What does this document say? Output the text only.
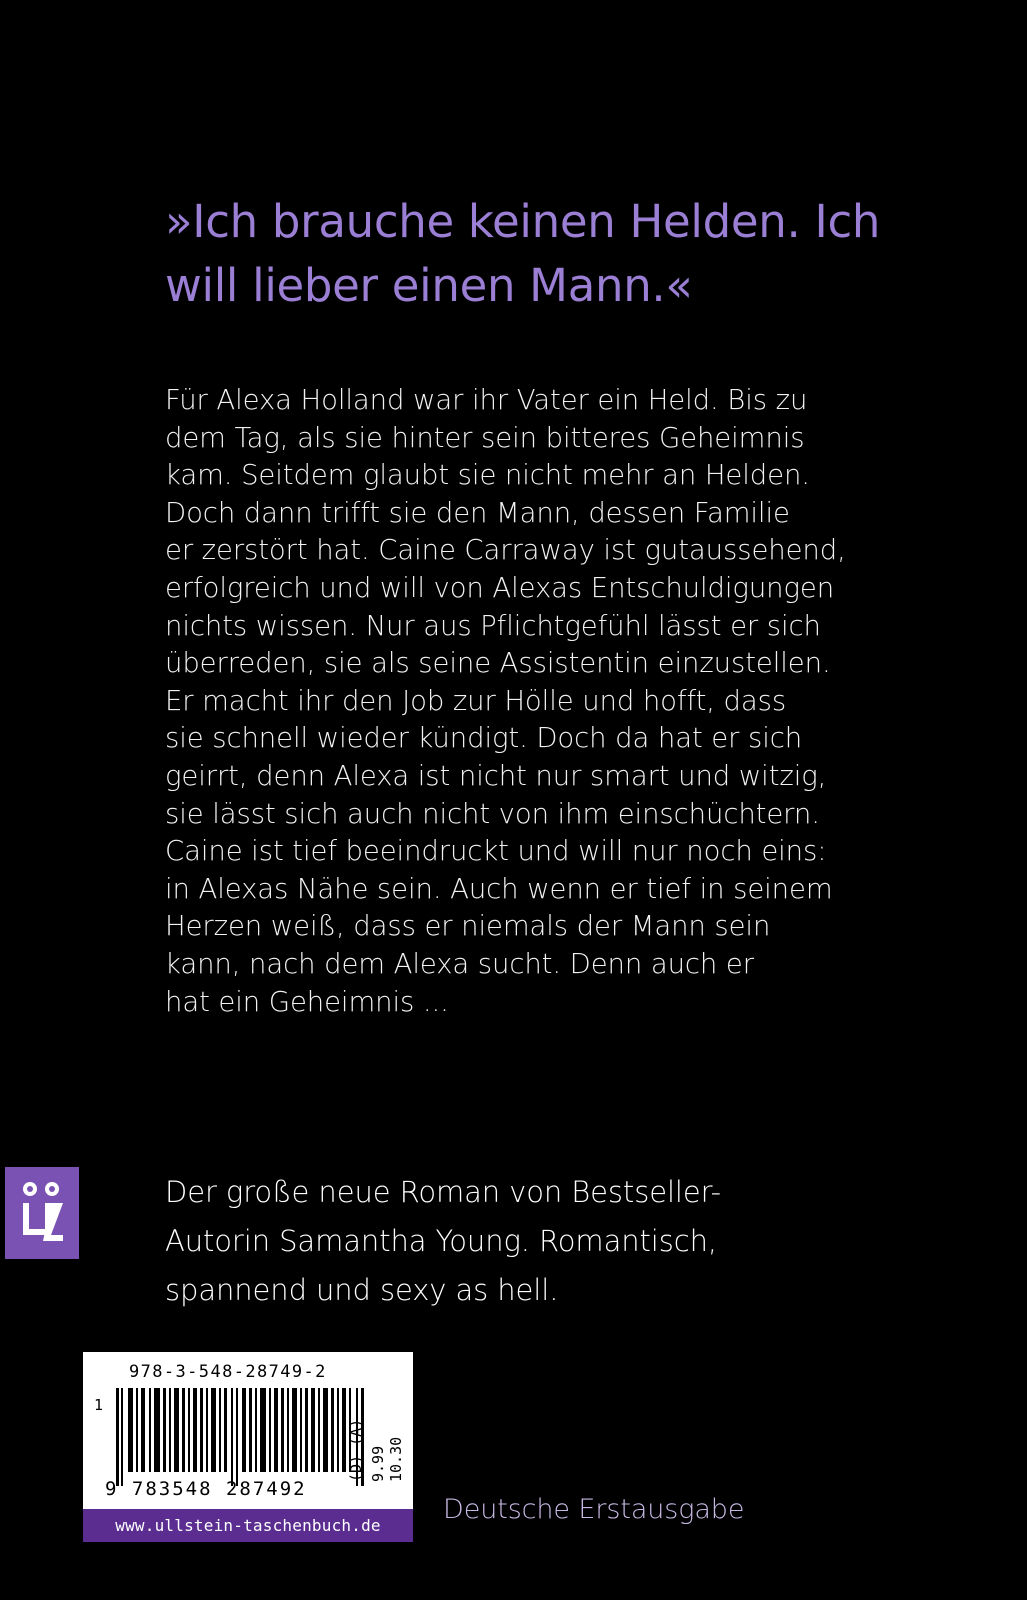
»Ich brauche keinen Helden. Ich will lieber einen Mann.«
Für Alexa Holland war ihr Vater ein Held. Bis zu
dem Tag, als sie hinter sein bitteres Geheimnis
kam. Seitdem glaubt sie nicht mehr an Helden.
Doch dann trifft sie den Mann, dessen Familie
er zerstört hat. Caine Carraway ist gutaussehend,
erfolgreich und will von Alexas Entschuldigungen
nichts wissen. Nur aus Pflichtgefühl lässt er sich
überreden, sie als seine Assistentin einzustellen.
Er macht ihr den Job zur Hölle und hofft, dass
sie schnell wieder kündigt. Doch da hat er sich
geirrt, denn Alexa ist nicht nur smart und witzig,
sie lässt sich auch nicht von ihm einschüchtern.
Caine ist tief beeindruckt und will nur noch eins:
in Alexas Nähe sein. Auch wenn er tief in seinem
Herzen weiß, dass er niemals der Mann sein
kann, nach dem Alexa sucht. Denn auch er
hat ein Geheimnis ...
Der große neue Roman von Bestseller-
Autorin Samantha Young. Romantisch,
spannend und sexy as hell.
978-3-548-28749-2
1
9 783548 287492
(D) (A) 9.99 10.30
www.ullstein-taschenbuch.de
Deutsche Erstausgabe
